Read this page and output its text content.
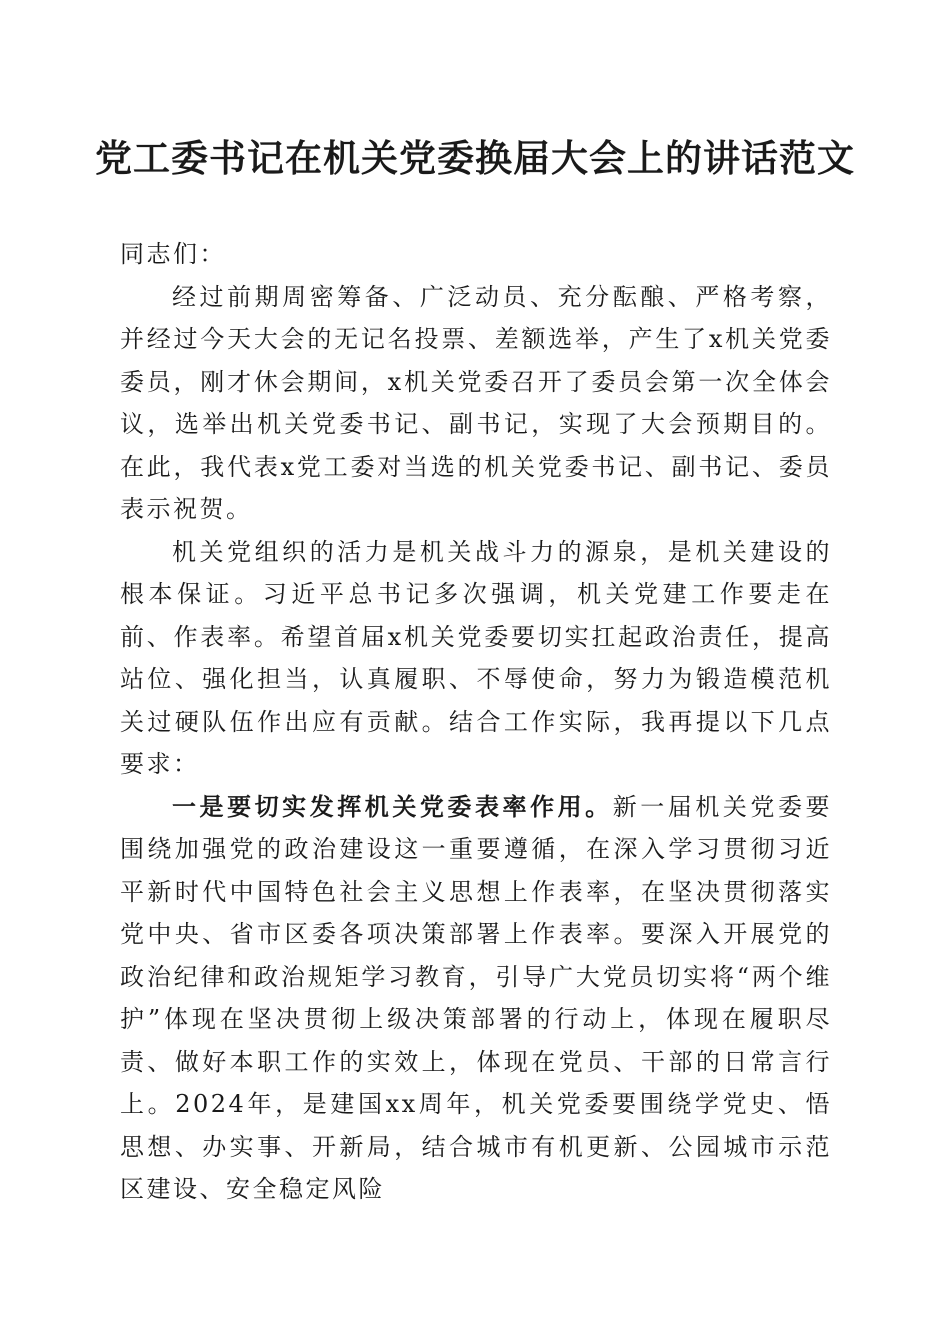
党工委书记在机关党委换届大会上的讲话范文

同志们：

经过前期周密筹备、广泛动员、充分酝酿、严格考察，并经过今天大会的无记名投票、差额选举，产生了x机关党委委员，刚才休会期间，x机关党委召开了委员会第一次全体会议，选举出机关党委书记、副书记，实现了大会预期目的。在此，我代表x党工委对当选的机关党委书记、副书记、委员表示祝贺。

机关党组织的活力是机关战斗力的源泉，是机关建设的根本保证。习近平总书记多次强调，机关党建工作要走在前、作表率。希望首届x机关党委要切实扛起政治责任，提高站位、强化担当，认真履职、不辱使命，努力为锻造模范机关过硬队伍作出应有贡献。结合工作实际，我再提以下几点要求：

一是要切实发挥机关党委表率作用。新一届机关党委要围绕加强党的政治建设这一重要遵循，在深入学习贯彻习近平新时代中国特色社会主义思想上作表率，在坚决贯彻落实党中央、省市区委各项决策部署上作表率。要深入开展党的政治纪律和政治规矩学习教育，引导广大党员切实将“两个维护”体现在坚决贯彻上级决策部署的行动上，体现在履职尽责、做好本职工作的实效上，体现在党员、干部的日常言行上。2024年，是建国xx周年，机关党委要围绕学党史、悟思想、办实事、开新局，结合城市有机更新、公园城市示范区建设、安全稳定风险
